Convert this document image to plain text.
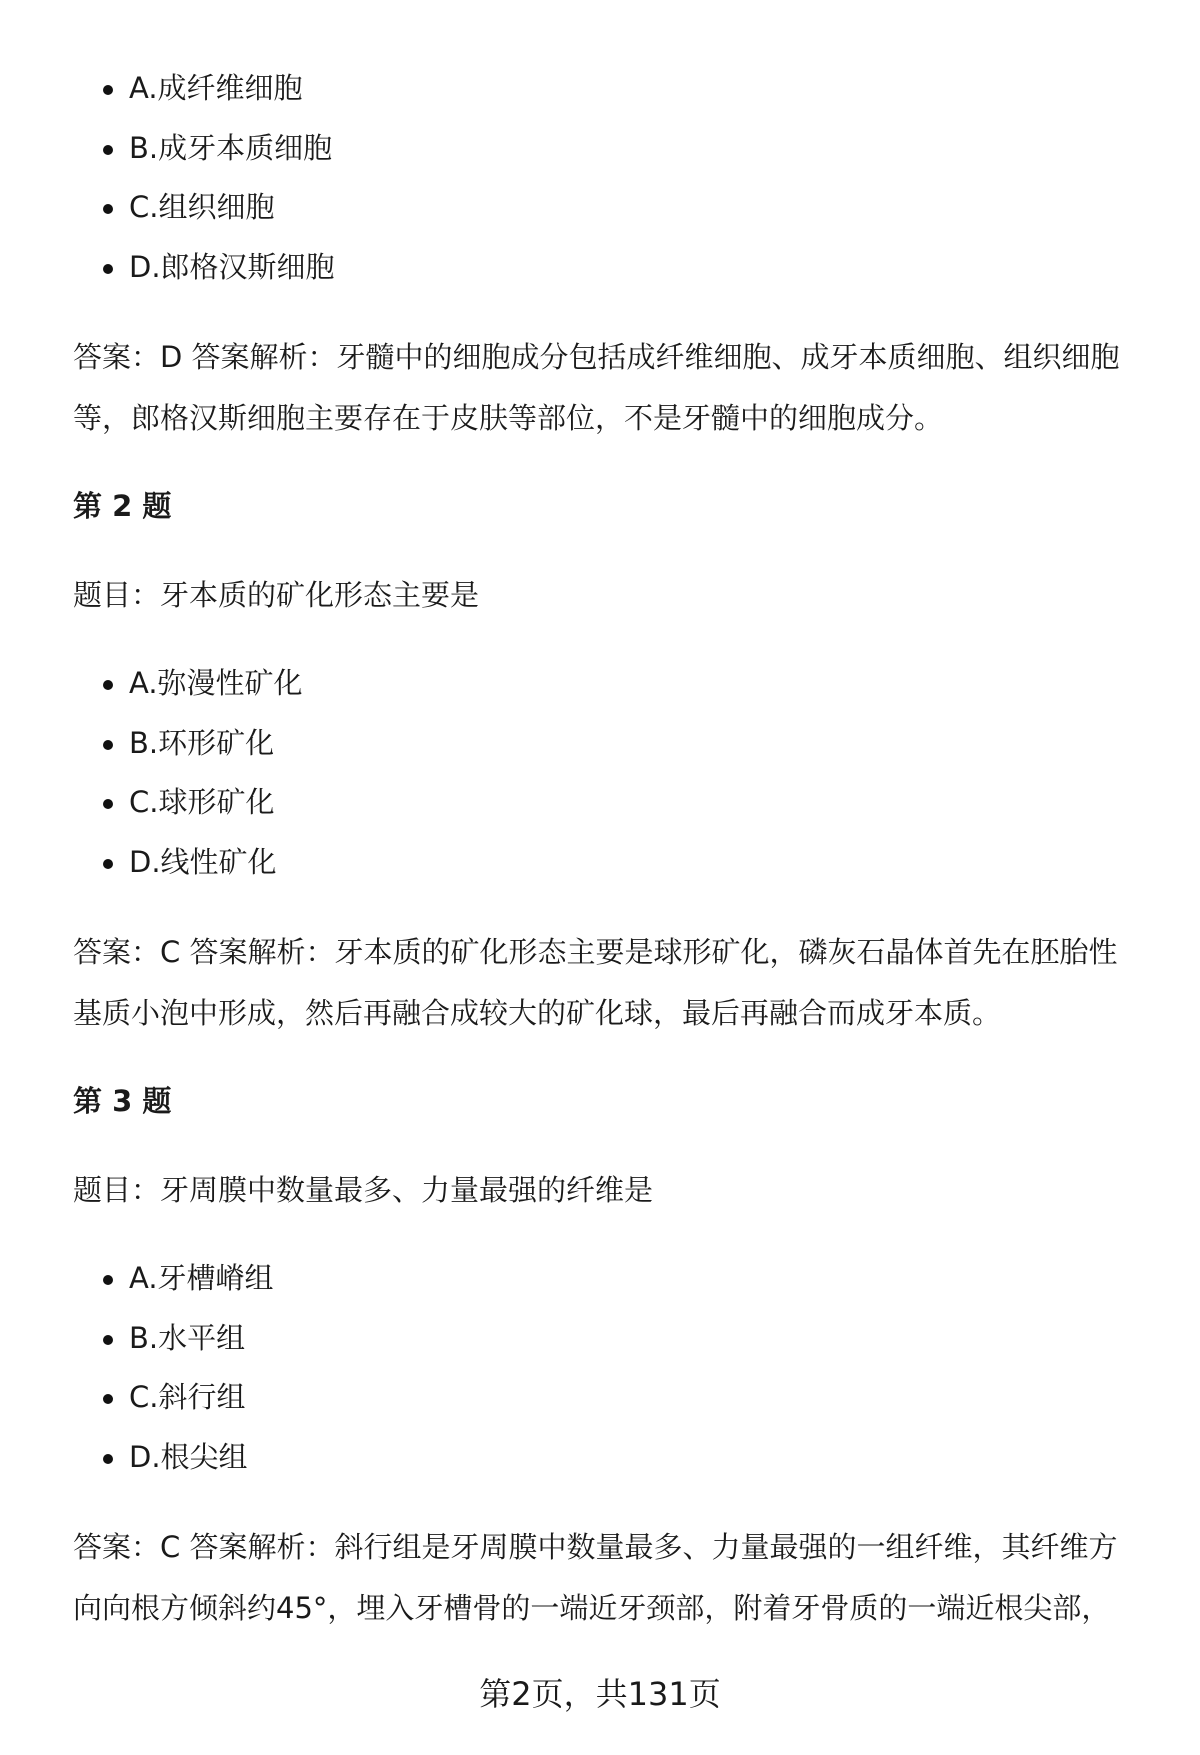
A.成纤维细胞
B.成牙本质细胞
C.组织细胞
D.郎格汉斯细胞
答案：D 答案解析：牙髓中的细胞成分包括成纤维细胞、成牙本质细胞、组织细胞
等，郎格汉斯细胞主要存在于皮肤等部位，不是牙髓中的细胞成分。
第 2 题
题目：牙本质的矿化形态主要是
A.弥漫性矿化
B.环形矿化
C.球形矿化
D.线性矿化
答案：C 答案解析：牙本质的矿化形态主要是球形矿化，磷灰石晶体首先在胚胎性
基质小泡中形成，然后再融合成较大的矿化球，最后再融合而成牙本质。
第 3 题
题目：牙周膜中数量最多、力量最强的纤维是
A.牙槽嵴组
B.水平组
C.斜行组
D.根尖组
答案：C 答案解析：斜行组是牙周膜中数量最多、力量最强的一组纤维，其纤维方
向向根方倾斜约45°，埋入牙槽骨的一端近牙颈部，附着牙骨质的一端近根尖部，
第2页，共131页
